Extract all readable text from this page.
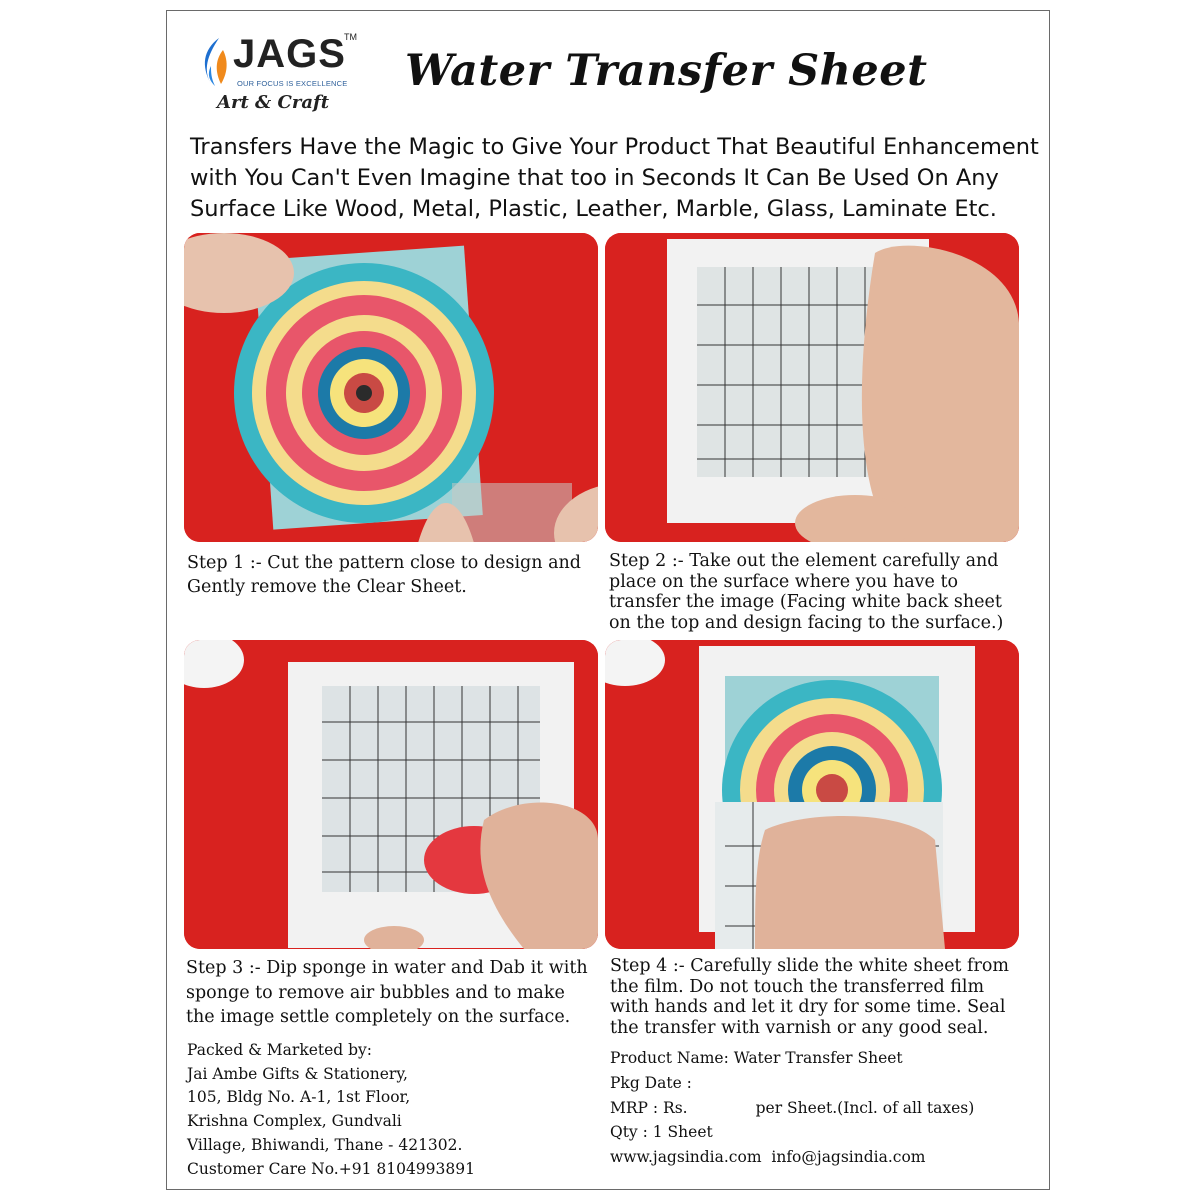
JAGS
TM
OUR FOCUS IS EXCELLENCE
Art & Craft
Water Transfer Sheet

Transfers Have the Magic to Give Your Product That Beautiful Enhancement with You Can't Even Imagine that too in Seconds It Can Be Used On Any Surface Like Wood, Metal, Plastic, Leather, Marble, Glass, Laminate Etc.

Step 1 :- Cut the pattern close to design and Gently remove the Clear Sheet.

Step 2 :- Take out the element carefully and place on the surface where you have to transfer the image (Facing white back sheet on the top and design facing to the surface.)

Step 3 :- Dip sponge in water and Dab it with sponge to remove air bubbles and to make the image settle completely on the surface.

Step 4 :- Carefully slide the white sheet from the film. Do not touch the transferred film with hands and let it dry for some time. Seal the transfer with varnish or any good seal.

Packed & Marketed by:
Jai Ambe Gifts & Stationery,
105, Bldg No. A-1, 1st Floor,
Krishna Complex, Gundvali
Village, Bhiwandi, Thane - 421302.
Customer Care No.+91 8104993891
Product Name: Water Transfer Sheet
Pkg Date :
MRP : Rs.	per Sheet.(Incl. of all taxes)
Qty : 1 Sheet
www.jagsindia.com info@jagsindia.com
